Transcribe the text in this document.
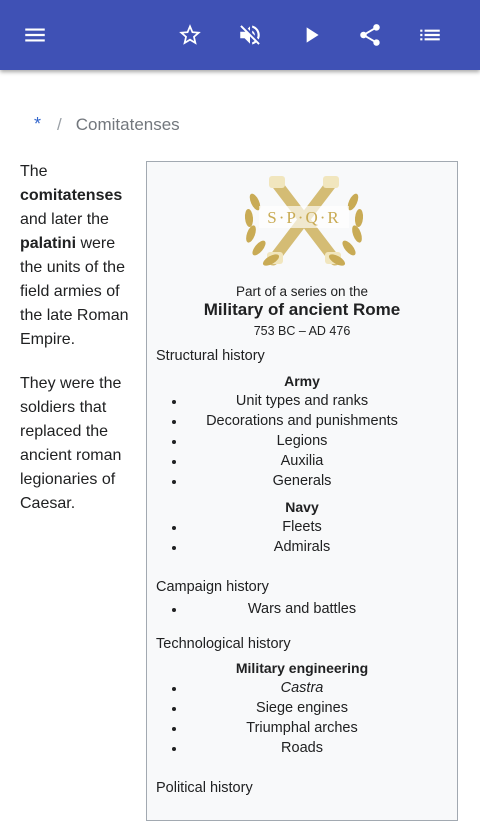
* / Comitatenses

The comitatenses and later the palatini were the units of the field armies of the late Roman Empire.

They were the soldiers that replaced the ancient roman legionaries of Caesar.

S·P·Q·R
Part of a series on the
Military of ancient Rome
753 BC – AD 476
Structural history
Army
Unit types and ranks
Decorations and punishments
Legions
Auxilia
Generals
Navy
Fleets
Admirals
Campaign history
Wars and battles
Technological history
Military engineering
Castra
Siege engines
Triumphal arches
Roads
Political history
